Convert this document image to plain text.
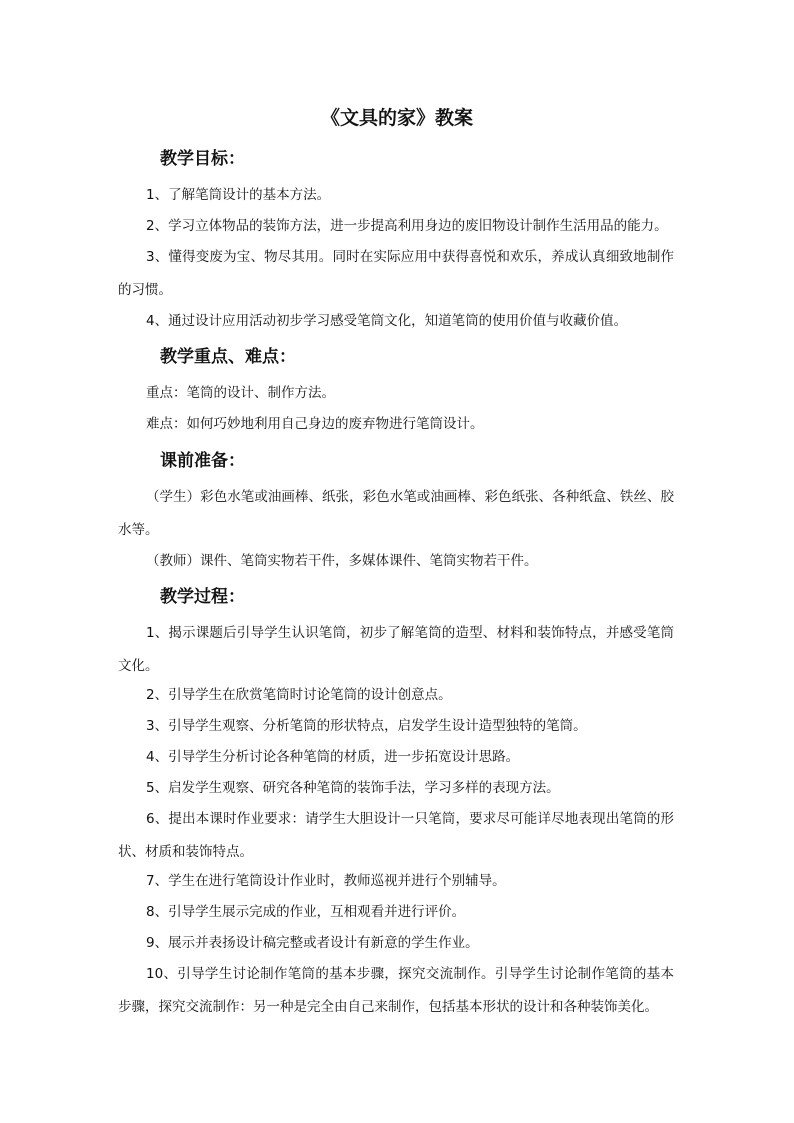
《文具的家》教案
教学目标：
1、了解笔筒设计的基本方法。
2、学习立体物品的装饰方法，进一步提高利用身边的废旧物设计制作生活用品的能力。
3、懂得变废为宝、物尽其用。同时在实际应用中获得喜悦和欢乐，养成认真细致地制作的习惯。
4、通过设计应用活动初步学习感受笔筒文化，知道笔筒的使用价值与收藏价值。
教学重点、难点：
重点：笔筒的设计、制作方法。
难点：如何巧妙地利用自己身边的废弃物进行笔筒设计。
课前准备：
（学生）彩色水笔或油画棒、纸张，彩色水笔或油画棒、彩色纸张、各种纸盒、铁丝、胶水等。
（教师）课件、笔筒实物若干件，多媒体课件、笔筒实物若干件。
教学过程：
1、揭示课题后引导学生认识笔筒，初步了解笔筒的造型、材料和装饰特点，并感受笔筒文化。
2、引导学生在欣赏笔筒时讨论笔筒的设计创意点。
3、引导学生观察、分析笔筒的形状特点，启发学生设计造型独特的笔筒。
4、引导学生分析讨论各种笔筒的材质，进一步拓宽设计思路。
5、启发学生观察、研究各种笔筒的装饰手法，学习多样的表现方法。
6、提出本课时作业要求：请学生大胆设计一只笔筒，要求尽可能详尽地表现出笔筒的形状、材质和装饰特点。
7、学生在进行笔筒设计作业时，教师巡视并进行个别辅导。
8、引导学生展示完成的作业，互相观看并进行评价。
9、展示并表扬设计稿完整或者设计有新意的学生作业。
10、引导学生讨论制作笔筒的基本步骤，探究交流制作。引导学生讨论制作笔筒的基本步骤，探究交流制作：另一种是完全由自己来制作，包括基本形状的设计和各种装饰美化。
